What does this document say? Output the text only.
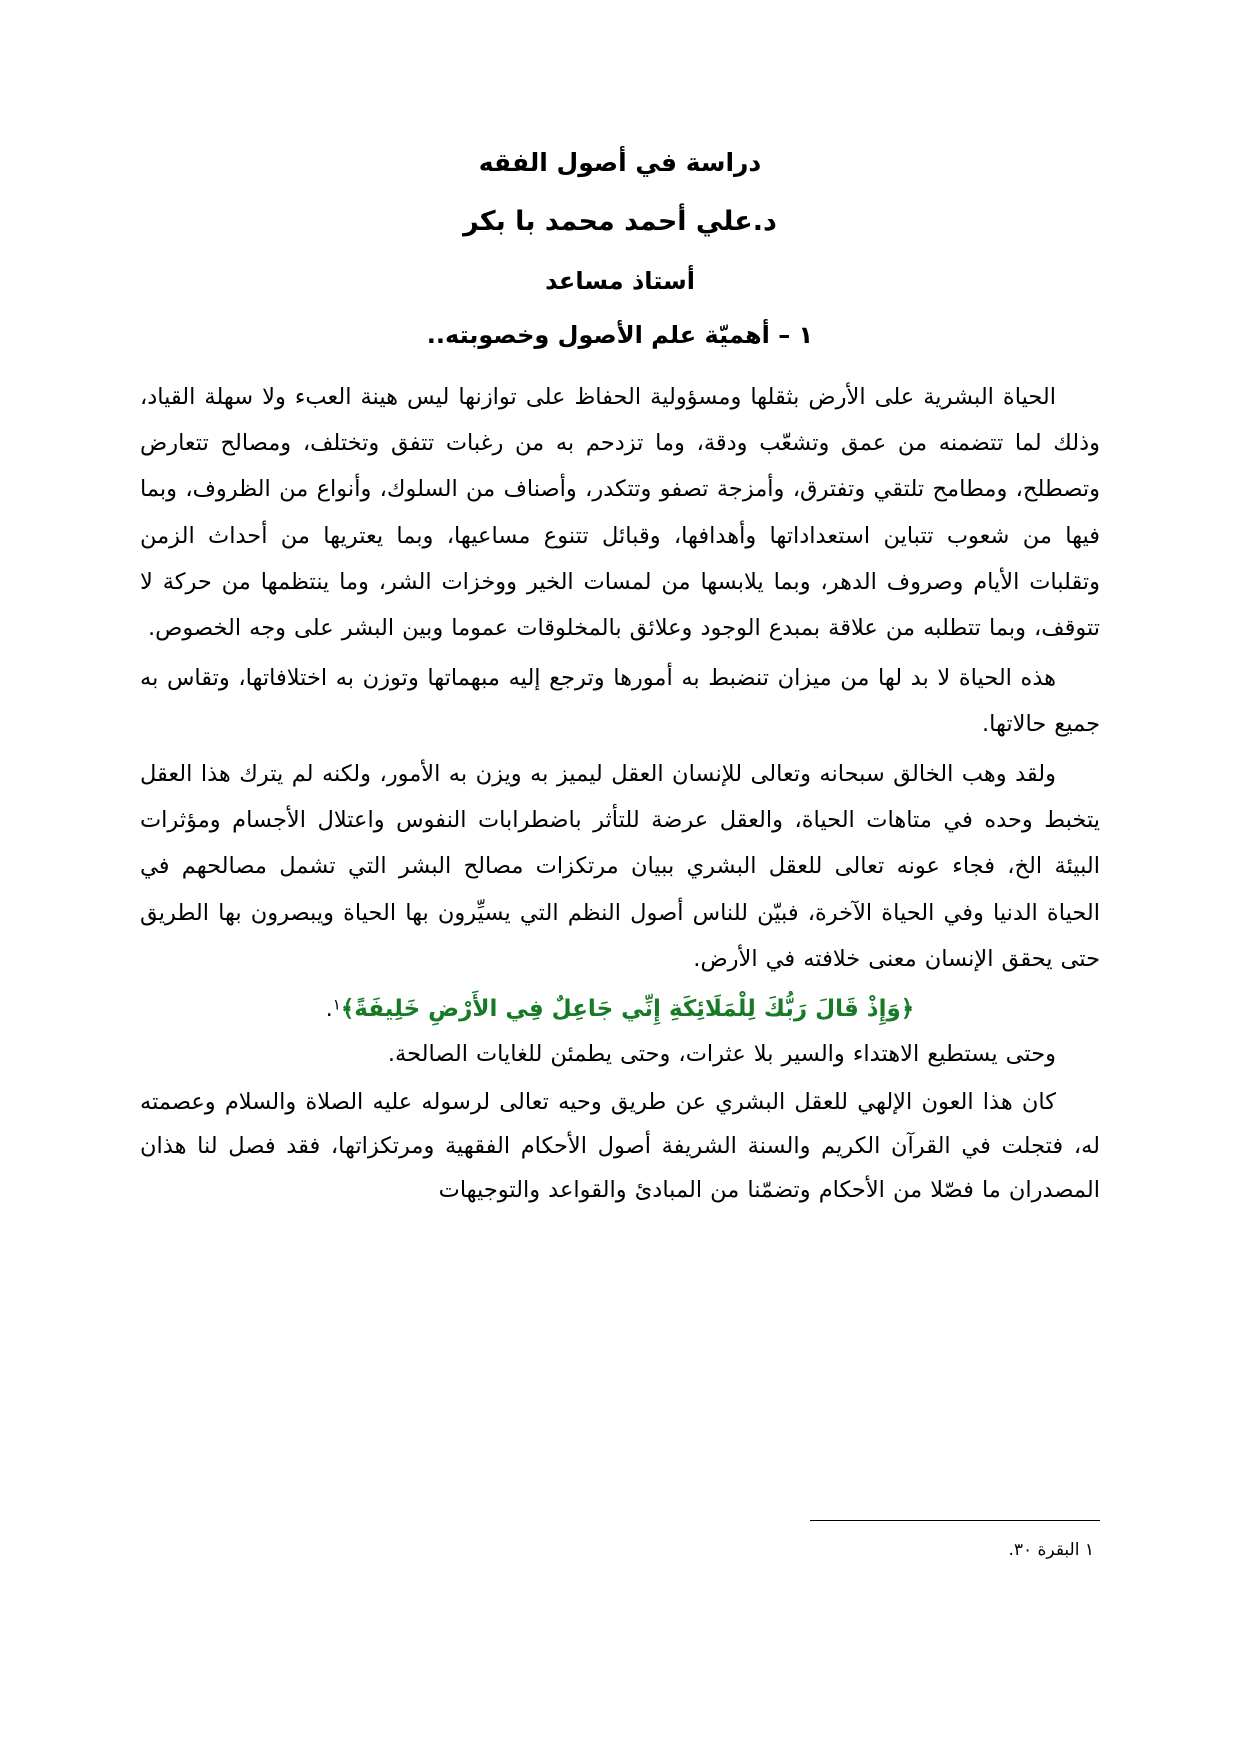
دراسة في أصول الفقه
د.علي أحمد محمد با بكر
أستاذ مساعد
١ – أهميّة علم الأصول وخصوبته..

الحياة البشرية على الأرض بثقلها ومسؤولية الحفاظ على توازنها ليس هينة العبء ولا سهلة القياد، وذلك لما تتضمنه من عمق وتشعّب ودقة، وما تزدحم به من رغبات تتفق وتختلف، ومصالح تتعارض وتصطلح، ومطامح تلتقي وتفترق، وأمزجة تصفو وتتكدر، وأصناف من السلوك، وأنواع من الظروف، وبما فيها من شعوب تتباين استعداداتها وأهدافها، وقبائل تتنوع مساعيها، وبما يعتريها من أحداث الزمن وتقلبات الأيام وصروف الدهر، وبما يلابسها من لمسات الخير ووخزات الشر، وما ينتظمها من حركة لا تتوقف، وبما تتطلبه من علاقة بمبدع الوجود وعلائق بالمخلوقات عموما وبين البشر على وجه الخصوص.

هذه الحياة لا بد لها من ميزان تنضبط به أمورها وترجع إليه مبهماتها وتوزن به اختلافاتها، وتقاس به جميع حالاتها.

ولقد وهب الخالق سبحانه وتعالى للإنسان العقل ليميز به ويزن به الأمور، ولكنه لم يترك هذا العقل يتخبط وحده في متاهات الحياة، والعقل عرضة للتأثر باضطرابات النفوس واعتلال الأجسام ومؤثرات البيئة الخ، فجاء عونه تعالى للعقل البشري ببيان مرتكزات مصالح البشر التي تشمل مصالحهم في الحياة الدنيا وفي الحياة الآخرة، فبيّن للناس أصول النظم التي يسيِّرون بها الحياة ويبصرون بها الطريق حتى يحقق الإنسان معنى خلافته في الأرض.

﴿وَإِذْ قَالَ رَبُّكَ لِلْمَلَائِكَةِ إِنِّي جَاعِلٌ فِي الأَرْضِ خَلِيفَةً﴾١.

وحتى يستطيع الاهتداء والسير بلا عثرات، وحتى يطمئن للغايات الصالحة.

كان هذا العون الإلهي للعقل البشري عن طريق وحيه تعالى لرسوله عليه الصلاة والسلام وعصمته له، فتجلت في القرآن الكريم والسنة الشريفة أصول الأحكام الفقهية ومرتكزاتها، فقد فصل لنا هذان المصدران ما فصّلا من الأحكام وتضمّنا من المبادئ والقواعد والتوجيهات

١ البقرة ٣٠.
